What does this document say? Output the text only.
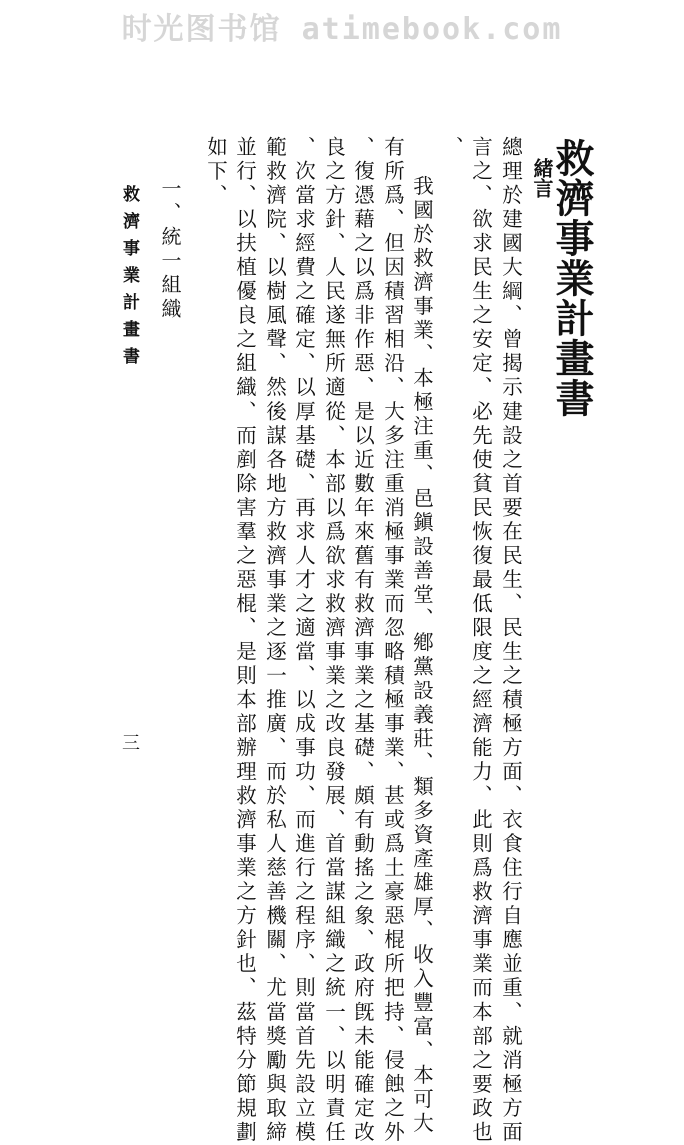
时光图书馆 atimebook.com
救濟事業計畫書
緒言
總理於建國大綱、曾揭示建設之首要在民生、民生之積極方面、衣食住行自應並重、就消極方面
言之、欲求民生之安定、必先使貧民恢復最低限度之經濟能力、此則爲救濟事業而本部之要政也
、
我國於救濟事業、本極注重、邑鎭設善堂、鄕黨設義莊、類多資產雄厚、收入豐富、本可大
有所爲、但因積習相沿、大多注重消極事業而忽略積極事業、甚或爲土豪惡棍所把持、侵蝕之外
、復憑藉之以爲非作惡、是以近數年來舊有救濟事業之基礎、頗有動搖之象、政府旣未能確定改
良之方針、人民遂無所適從、本部以爲欲求救濟事業之改良發展、首當謀組織之統一、以明責任
、次當求經費之確定、以厚基礎、再求人才之適當、以成事功、而進行之程序、則當首先設立模
範救濟院、以樹風聲、然後謀各地方救濟事業之逐一推廣、而於私人慈善機關、尤當獎勵與取締
並行、以扶植優良之組織、而剷除害羣之惡棍、是則本部辦理救濟事業之方針也、茲特分節規劃
如下、
一、統一組織
救濟事業計畫書
三
